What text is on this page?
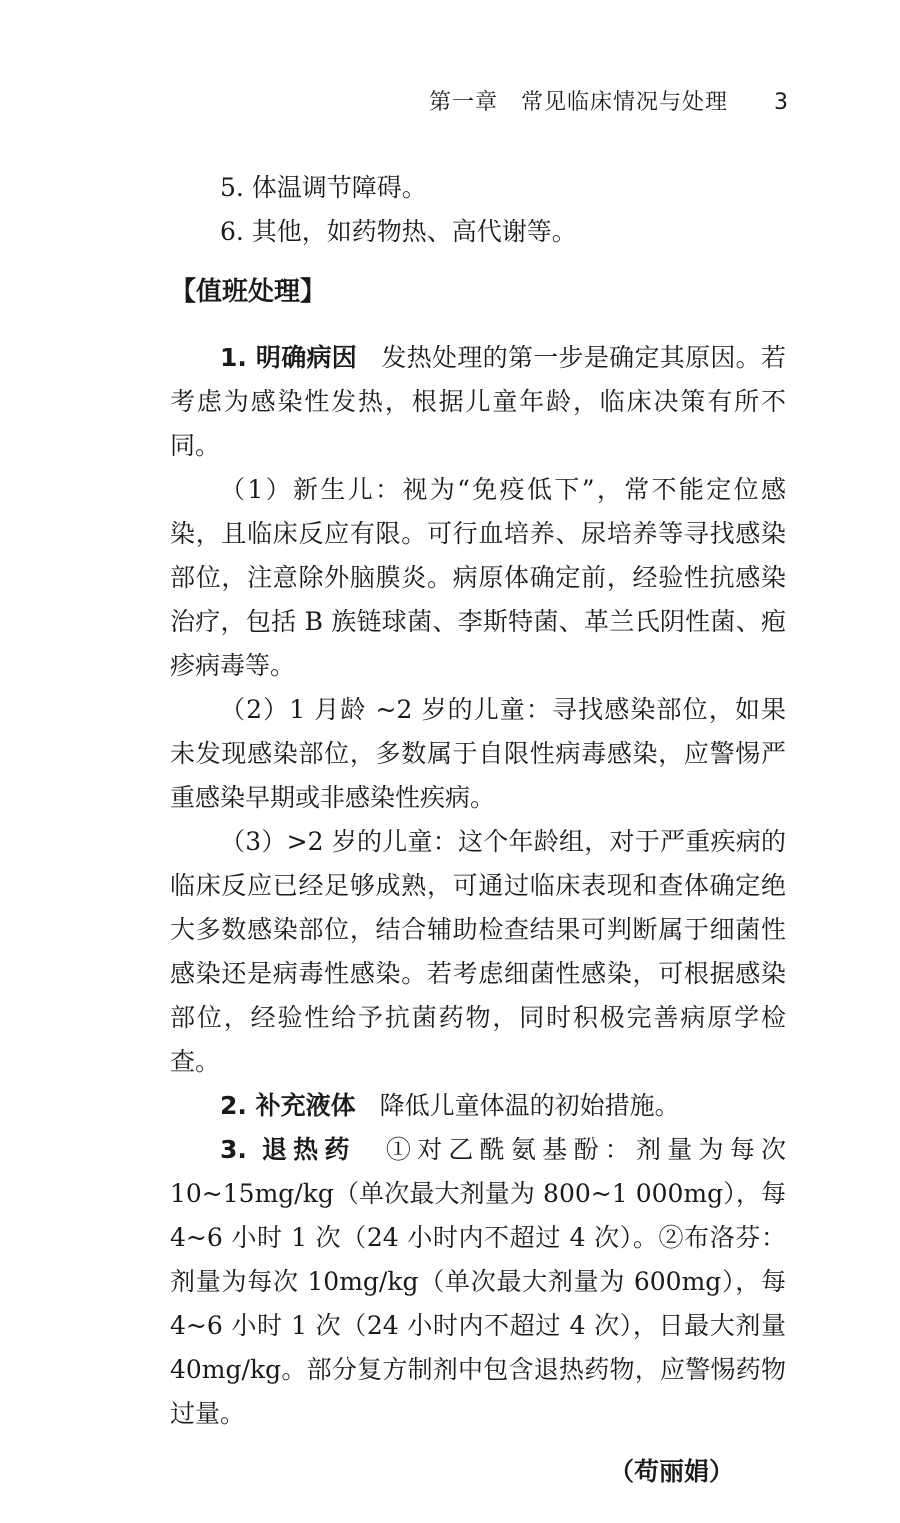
第一章　常见临床情况与处理 3

5. 体温调节障碍。

6. 其他，如药物热、高代谢等。

【值班处理】

1. 明确病因 发热处理的第一步是确定其原因。若考虑为感染性发热，根据儿童年龄，临床决策有所不同。

（1）新生儿：视为“免疫低下”，常不能定位感染，且临床反应有限。可行血培养、尿培养等寻找感染部位，注意除外脑膜炎。病原体确定前，经验性抗感染治疗，包括 B 族链球菌、李斯特菌、革兰氏阴性菌、疱疹病毒等。

（2）1 月龄 ~2 岁的儿童：寻找感染部位，如果未发现感染部位，多数属于自限性病毒感染，应警惕严重感染早期或非感染性疾病。

（3）>2 岁的儿童：这个年龄组，对于严重疾病的临床反应已经足够成熟，可通过临床表现和查体确定绝大多数感染部位，结合辅助检查结果可判断属于细菌性感染还是病毒性感染。若考虑细菌性感染，可根据感染部位，经验性给予抗菌药物，同时积极完善病原学检查。

2. 补充液体 降低儿童体温的初始措施。

3. 退热药 ①对乙酰氨基酚：剂量为每次 10~15mg/kg（单次最大剂量为 800~1 000mg），每 4~6 小时 1 次（24 小时内不超过 4 次）。②布洛芬：剂量为每次 10mg/kg（单次最大剂量为 600mg），每 4~6 小时 1 次（24 小时内不超过 4 次），日最大剂量 40mg/kg。部分复方制剂中包含退热药物，应警惕药物过量。

（苟丽娟）
